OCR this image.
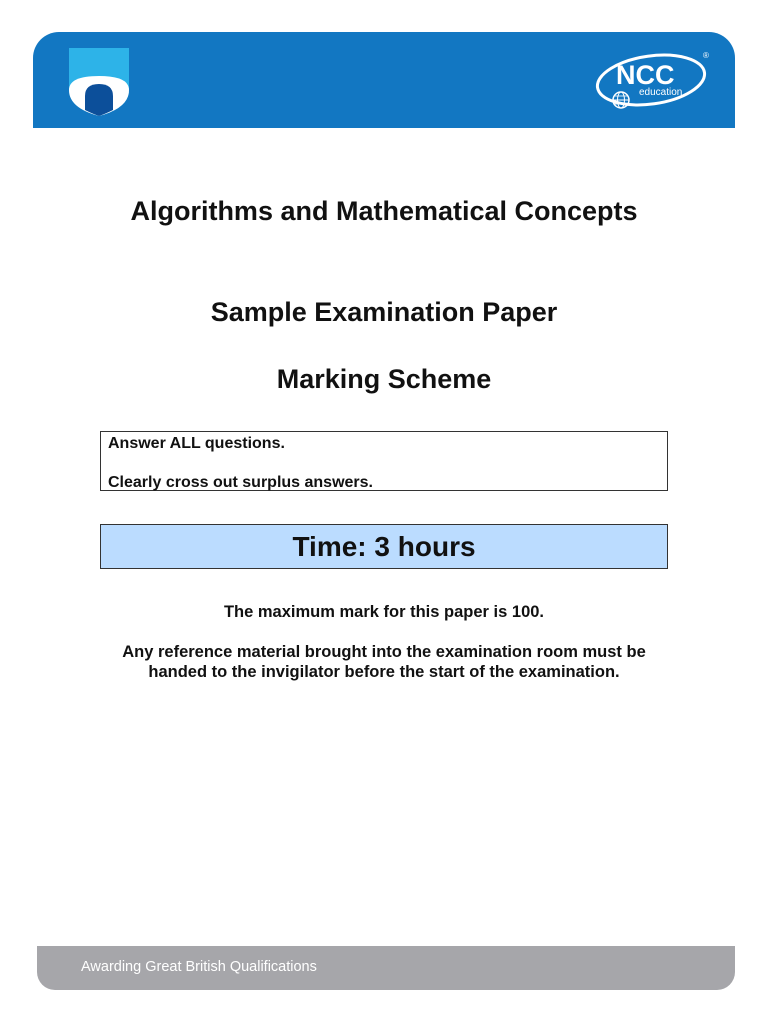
NCC
education
®
Algorithms and Mathematical Concepts
Sample Examination Paper
Marking Scheme
Answer ALL questions.
Clearly cross out surplus answers.
Time: 3 hours
The maximum mark for this paper is 100.
Any reference material brought into the examination room must be
handed to the invigilator before the start of the examination.
Awarding Great British Qualifications
